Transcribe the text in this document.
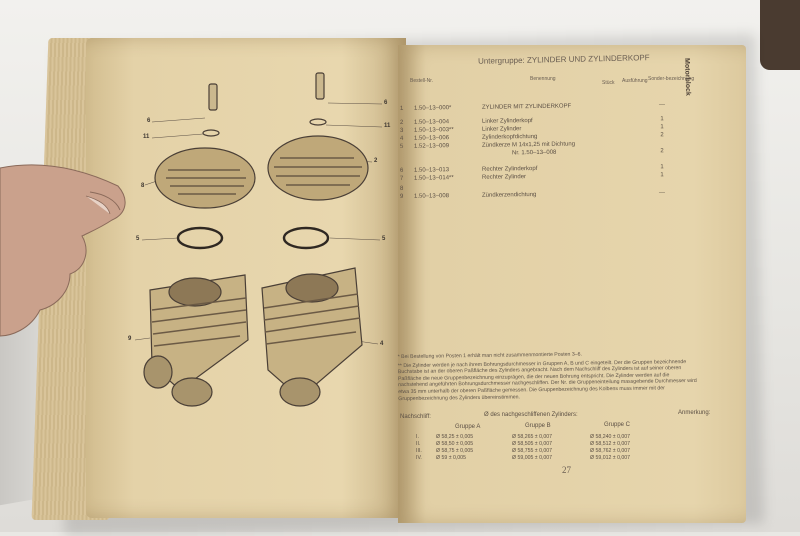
6
11
8
5
9
6
11
2
5
4
Untergruppe: ZYLINDER UND ZYLINDERKOPF	Motorblock
Bestell-Nr.	Benennung
Stück Ausführung Sonder-bezeichnung
1 1.50–13–000*	ZYLINDER MIT ZYLINDERKOPF	—
2 1.50–13–004	Linker Zylinderkopf	1
3 1.50–13–003**	Linker Zylinder	1
4 1.50–13–006	Zylinderkopfdichtung	2
5 1.52–13–009	Zündkerze M 14x1,25 mit Dichtung
Nr. 1.50–13–008	2
6 1.50–13–013	Rechter Zylinderkopf	1
7 1.50–13–014**	Rechter Zylinder	1
8
9 1.50–13–008	Zündkerzendichtung	—

* Bei Bestellung von Posten 1 erhält man nicht zusammenmontierte Posten 3–6.

** Die Zylinder werden je nach ihrem Bohrungsdurchmesser in Gruppen A, B und C eingeteilt. Der die Gruppen bezeichnende Buchstabe ist an der oberen Paßfläche des Zylinders angebracht. Nach dem Nachschliff des Zylinders ist auf seiner oberen Paßfläche die neue Gruppenbezeichnung einzuprägen, die der neuen Bohrung entspricht. Die Zylinder werden auf die nachstehend angeführten Bohrungsdurchmesser nachgeschliffen. Der Nr. die Gruppeneinteilung massgebende Durchmesser wird etwa 35 mm unterhalb der oberen Paßfläche gemessen. Die Gruppenbezeichnung des Kolbens muss immer mit der Gruppenbezeichnung des Zylinders übereinstimmen.

Nachschliff:	Ø des nachgeschliffenen Zylinders:	Anmerkung:
Gruppe A	Gruppe B	Gruppe C
I.	Ø 58,25 ± 0,005	Ø 58,265 ± 0,007	Ø 58,240 ± 0,007
II.	Ø 58,50 ± 0,005	Ø 58,505 ± 0,007	Ø 58,512 ± 0,007
III.	Ø 58,75 ± 0,005	Ø 58,755 ± 0,007	Ø 58,762 ± 0,007
IV.	Ø 59 ± 0,005	Ø 59,005 ± 0,007	Ø 59,012 ± 0,007
27
